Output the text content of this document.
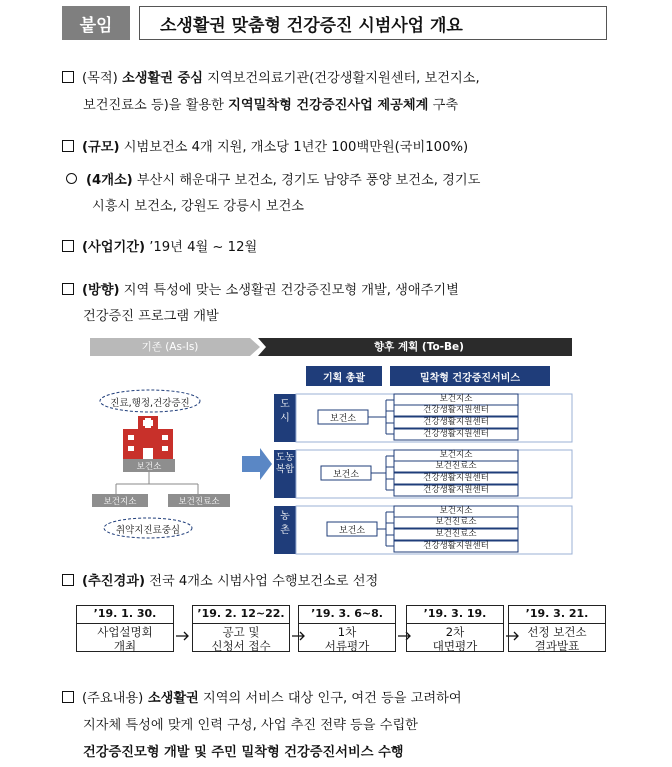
붙임	소생활권 맞춤형 건강증진 시범사업 개요
(목적) 소생활권 중심 지역보건의료기관(건강생활지원센터, 보건지소,
보건진료소 등)을 활용한 지역밀착형 건강증진사업 제공체계 구축
(규모) 시범보건소 4개 지원, 개소당 1년간 100백만원(국비100%)
(4개소) 부산시 해운대구 보건소, 경기도 남양주 풍양 보건소, 경기도
시흥시 보건소, 강원도 강릉시 보건소
(사업기간) ’19년 4월 ~ 12월
(방향) 지역 특성에 맞는 소생활권 건강증진모형 개발, 생애주기별
건강증진 프로그램 개발
기존 (As-Is)	향후 계획 (To-Be)
진료,행정,건강증진
보건소
보건지소	보건진료소
취약지진료중심
기획 총괄	밀착형 건강증진서비스
도 시	보건소
보건지소
건강생활지원센터
건강생활지원센터
건강생활지원센터
도농 복합	보건소
보건지소
보건진료소
건강생활지원센터
건강생활지원센터
농 촌	보건소
보건지소
보건진료소
보건진료소
건강생활지원센터
(추진경과) 전국 4개소 시범사업 수행보건소로 선정
’19. 1. 30.
사업설명회
개최
’19. 2. 12~22.
공고 및
신청서 접수
’19. 3. 6~8.
1차
서류평가
’19. 3. 19.
2차
대면평가
’19. 3. 21.
선정 보건소
결과발표
(주요내용) 소생활권 지역의 서비스 대상 인구, 여건 등을 고려하여
지자체 특성에 맞게 인력 구성, 사업 추진 전략 등을 수립한
건강증진모형 개발 및 주민 밀착형 건강증진서비스 수행
